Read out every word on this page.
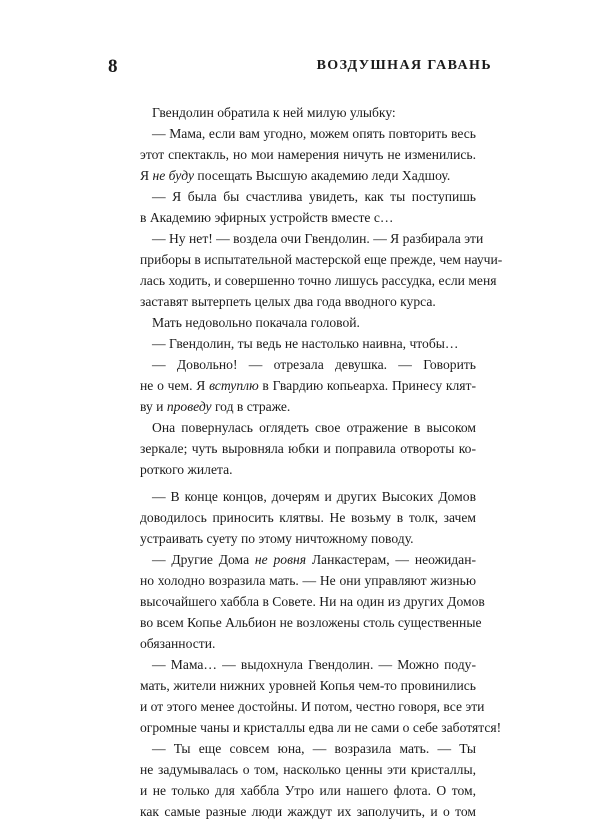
8	ВОЗДУШНАЯ ГАВАНЬ
Гвендолин обратила к ней милую улыбку:
— Мама, если вам угодно, можем опять повторить весь
этот спектакль, но мои намерения ничуть не изменились.
Я не буду посещать Высшую академию леди Хадшоу.
— Я была бы счастлива увидеть, как ты поступишь
в Академию эфирных устройств вместе с…
— Ну нет! — воздела очи Гвендолин. — Я разбирала эти
приборы в испытательной мастерской еще прежде, чем научи-
лась ходить, и совершенно точно лишусь рассудка, если меня
заставят вытерпеть целых два года вводного курса.
Мать недовольно покачала головой.
— Гвендолин, ты ведь не настолько наивна, чтобы…
— Довольно! — отрезала девушка. — Говорить
не о чем. Я вступлю в Гвардию копьеарха. Принесу клят-
ву и проведу год в страже.
Она повернулась оглядеть свое отражение в высоком
зеркале; чуть выровняла юбки и поправила отвороты ко-
роткого жилета.
— В конце концов, дочерям и других Высоких Домов
доводилось приносить клятвы. Не возьму в толк, зачем
устраивать суету по этому ничтожному поводу.
— Другие Дома не ровня Ланкастерам, — неожидан-
но холодно возразила мать. — Не они управляют жизнью
высочайшего хаббла в Совете. Ни на один из других Домов
во всем Копье Альбион не возложены столь существенные
обязанности.
— Мама… — выдохнула Гвендолин. — Можно поду-
мать, жители нижних уровней Копья чем-то провинились
и от этого менее достойны. И потом, честно говоря, все эти
огромные чаны и кристаллы едва ли не сами о себе заботятся!
— Ты еще совсем юна, — возразила мать. — Ты
не задумывалась о том, насколько ценны эти кристаллы,
и не только для хаббла Утро или нашего флота. О том,
как самые разные люди жаждут их заполучить, и о том
